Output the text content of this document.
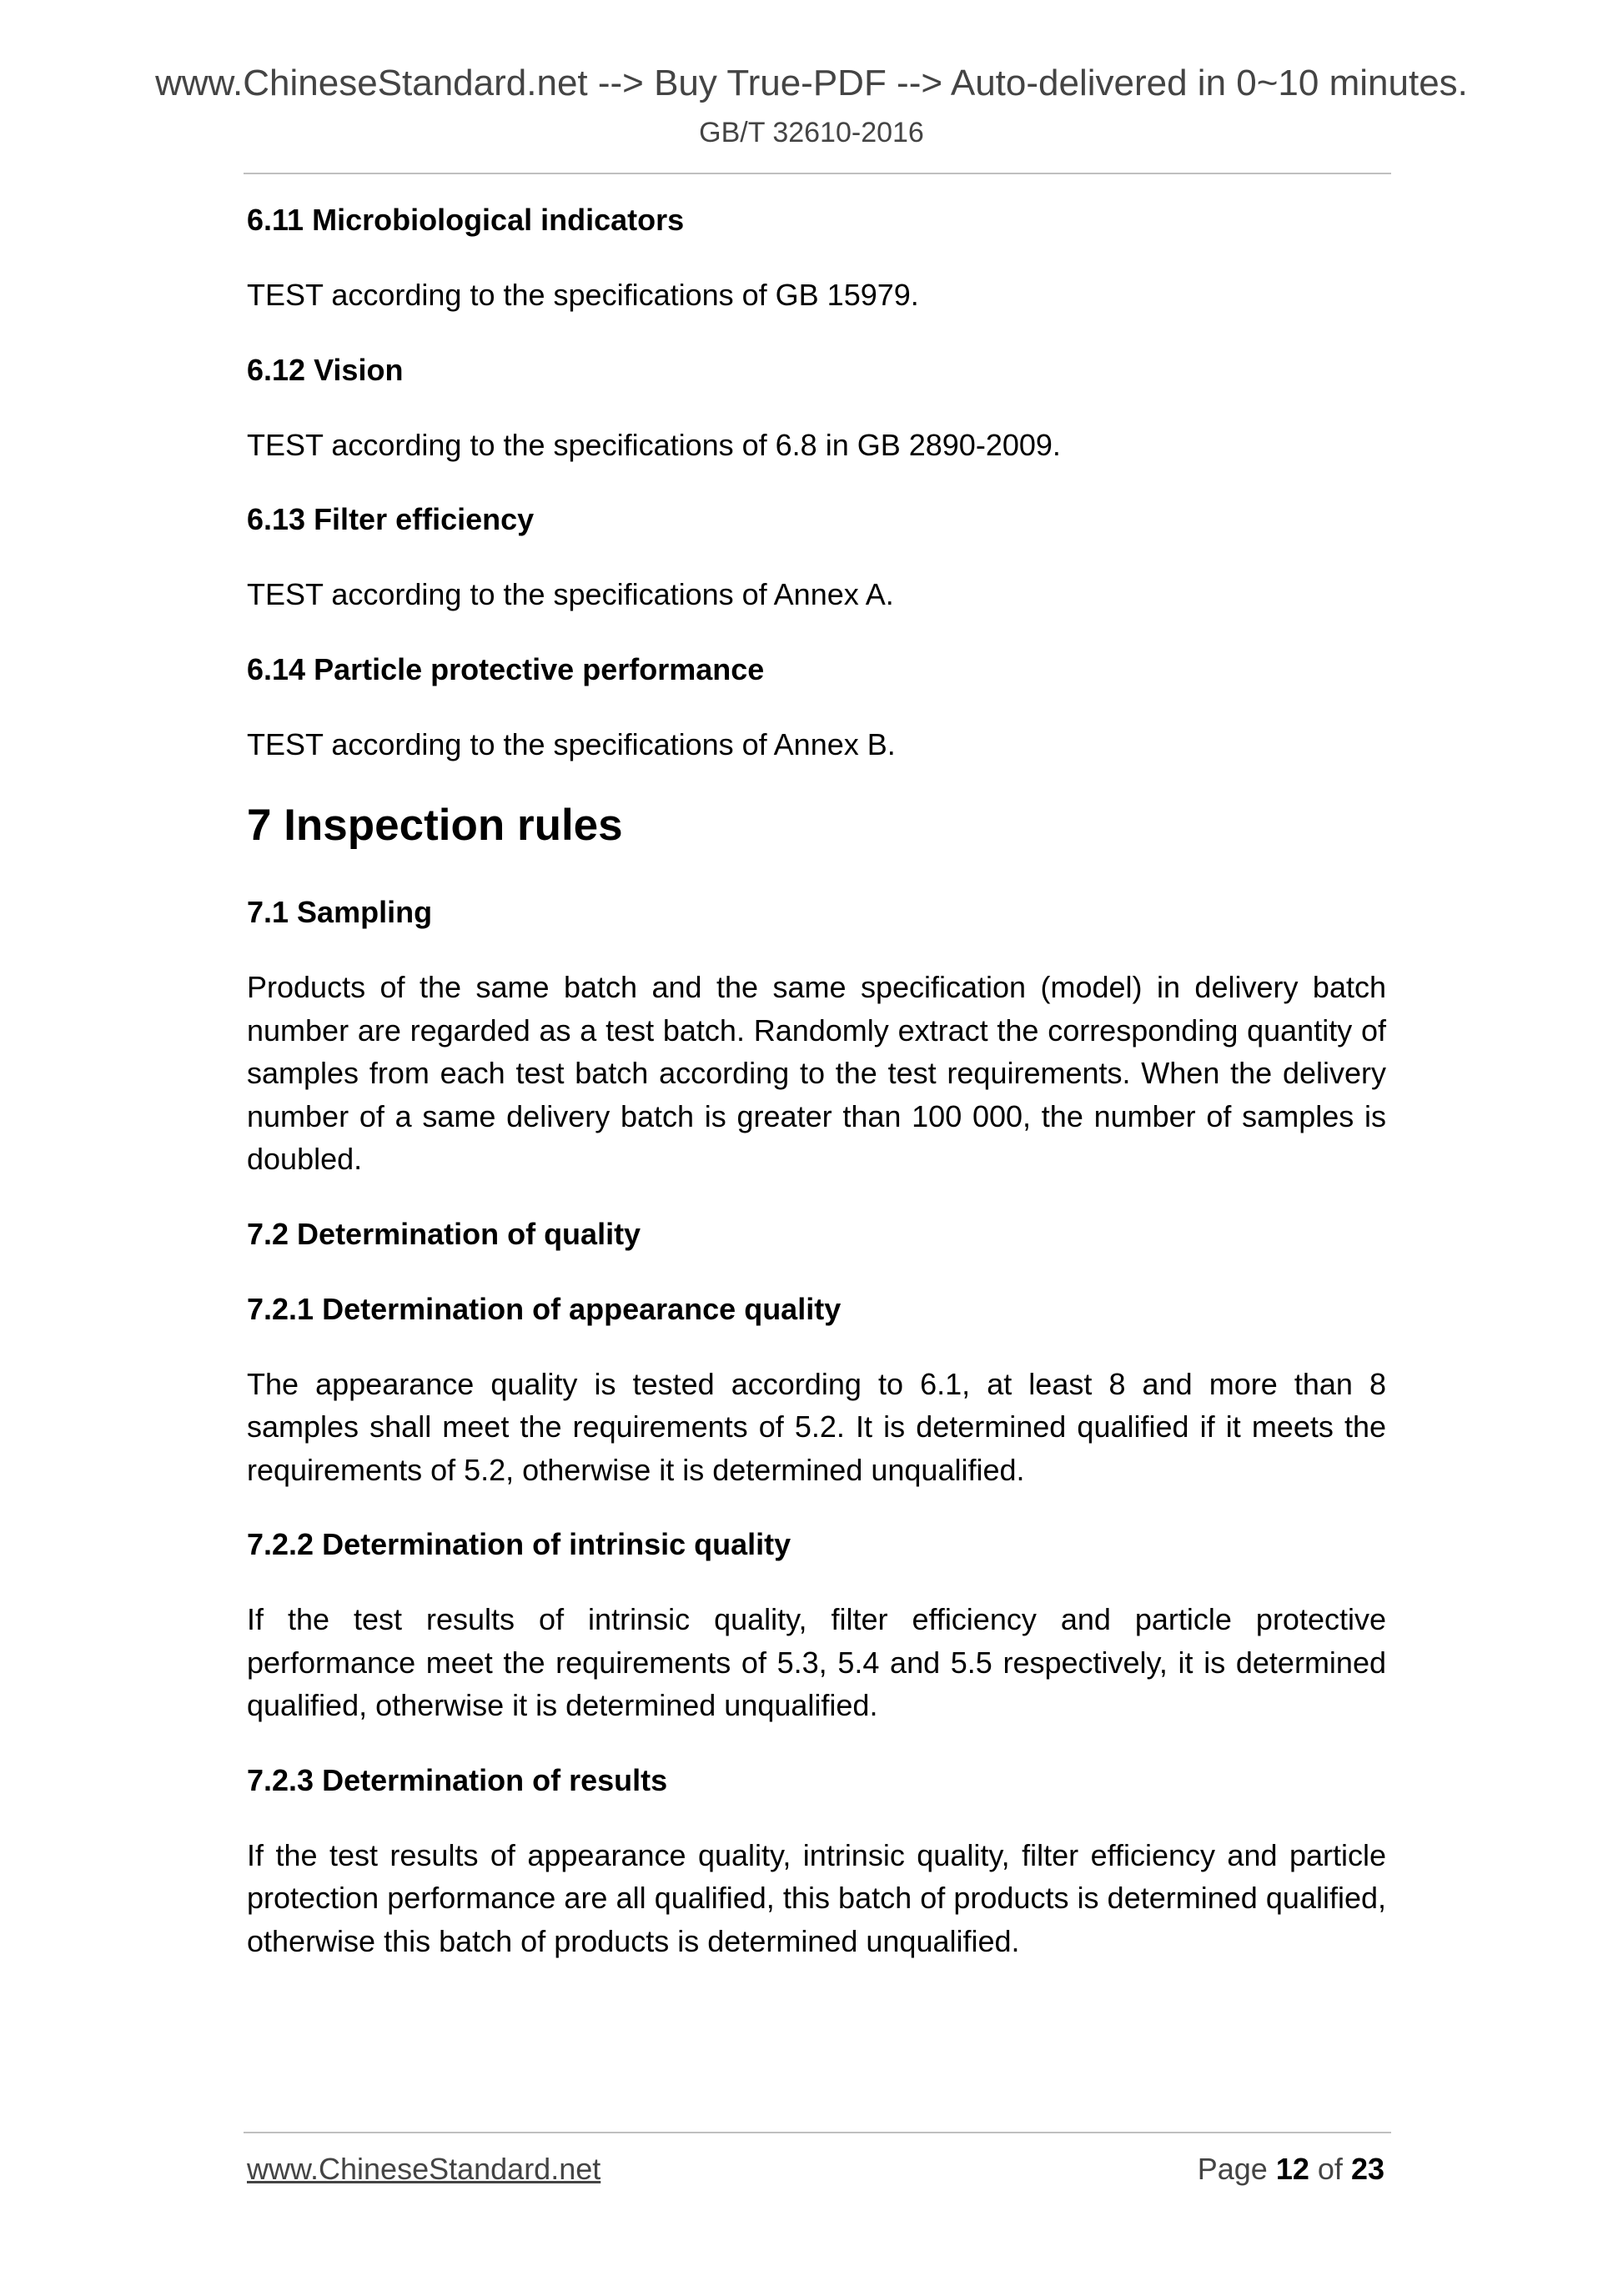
www.ChineseStandard.net --> Buy True-PDF --> Auto-delivered in 0~10 minutes.
GB/T 32610-2016
6.11 Microbiological indicators
TEST according to the specifications of GB 15979.
6.12 Vision
TEST according to the specifications of 6.8 in GB 2890-2009.
6.13 Filter efficiency
TEST according to the specifications of Annex A.
6.14 Particle protective performance
TEST according to the specifications of Annex B.
7 Inspection rules
7.1 Sampling
Products of the same batch and the same specification (model) in delivery batch number are regarded as a test batch. Randomly extract the corresponding quantity of samples from each test batch according to the test requirements. When the delivery number of a same delivery batch is greater than 100 000, the number of samples is doubled.
7.2 Determination of quality
7.2.1 Determination of appearance quality
The appearance quality is tested according to 6.1, at least 8 and more than 8 samples shall meet the requirements of 5.2. It is determined qualified if it meets the requirements of 5.2, otherwise it is determined unqualified.
7.2.2 Determination of intrinsic quality
If the test results of intrinsic quality, filter efficiency and particle protective performance meet the requirements of 5.3, 5.4 and 5.5 respectively, it is determined qualified, otherwise it is determined unqualified.
7.2.3 Determination of results
If the test results of appearance quality, intrinsic quality, filter efficiency and particle protection performance are all qualified, this batch of products is determined qualified, otherwise this batch of products is determined unqualified.
www.ChineseStandard.net	Page 12 of 23
